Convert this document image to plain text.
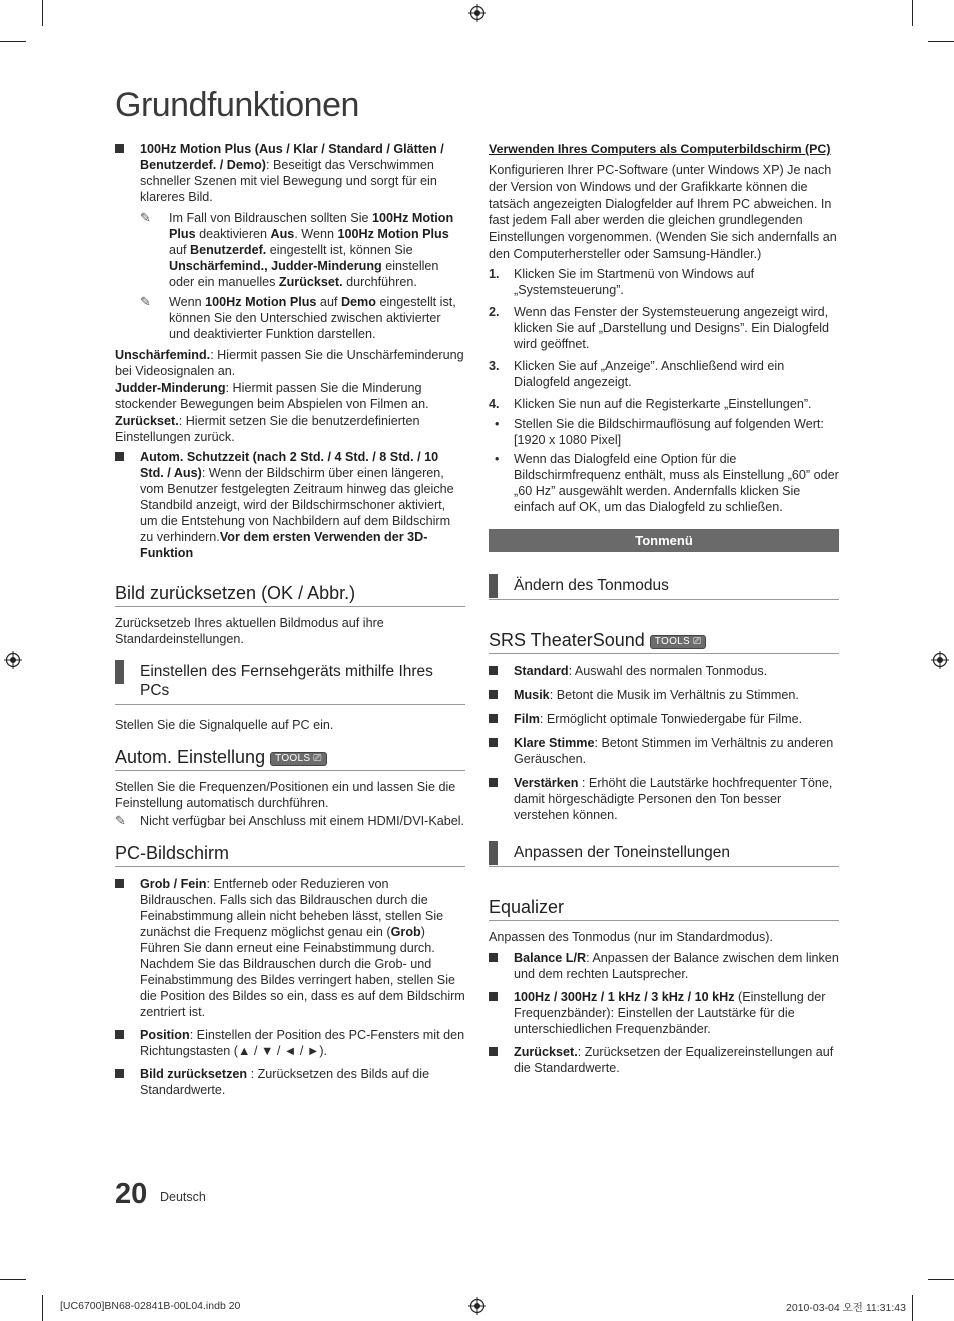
Grundfunktionen
100Hz Motion Plus (Aus / Klar / Standard / Glätten / Benutzerdef. / Demo): Beseitigt das Verschwimmen schneller Szenen mit viel Bewegung und sorgt für ein klareres Bild.
✎ Im Fall von Bildrauschen sollten Sie 100Hz Motion Plus deaktivieren Aus. Wenn 100Hz Motion Plus auf Benutzerdef. eingestellt ist, können Sie Unschärfemind., Judder-Minderung einstellen oder ein manuelles Zurückset. durchführen.
✎ Wenn 100Hz Motion Plus auf Demo eingestellt ist, können Sie den Unterschied zwischen aktivierter und deaktivierter Funktion darstellen.

Unschärfemind.: Hiermit passen Sie die Unschärfeminderung bei Videosignalen an.

Judder-Minderung: Hiermit passen Sie die Minderung stockender Bewegungen beim Abspielen von Filmen an.

Zurückset.: Hiermit setzen Sie die benutzerdefinierten Einstellungen zurück.

Autom. Schutzzeit (nach 2 Std. / 4 Std. / 8 Std. / 10 Std. / Aus): Wenn der Bildschirm über einen längeren, vom Benutzer festgelegten Zeitraum hinweg das gleiche Standbild anzeigt, wird der Bildschirmschoner aktiviert, um die Entstehung von Nachbildern auf dem Bildschirm zu verhindern.Vor dem ersten Verwenden der 3D-Funktion
Bild zurücksetzen (OK / Abbr.)

Zurücksetzeb Ihres aktuellen Bildmodus auf ihre Standardeinstellungen.

Einstellen des Fernsehgeräts mithilfe Ihres PCs

Stellen Sie die Signalquelle auf PC ein.

Autom. Einstellung TOOLS ⎚

Stellen Sie die Frequenzen/Positionen ein und lassen Sie die Feinstellung automatisch durchführen.

✎ Nicht verfügbar bei Anschluss mit einem HDMI/DVI-Kabel.
PC-Bildschirm
Grob / Fein: Entferneb oder Reduzieren von Bildrauschen. Falls sich das Bildrauschen durch die Feinabstimmung allein nicht beheben lässt, stellen Sie zunächst die Frequenz möglichst genau ein (Grob) Führen Sie dann erneut eine Feinabstimmung durch. Nachdem Sie das Bildrauschen durch die Grob- und Feinabstimmung des Bildes verringert haben, stellen Sie die Position des Bildes so ein, dass es auf dem Bildschirm zentriert ist.
Position: Einstellen der Position des PC-Fensters mit den Richtungstasten (▲ / ▼ / ◄ / ►).
Bild zurücksetzen : Zurücksetzen des Bilds auf die Standardwerte.

Verwenden Ihres Computers als Computerbildschirm (PC)

Konfigurieren Ihrer PC-Software (unter Windows XP) Je nach der Version von Windows und der Grafikkarte können die tatsäch angezeigten Dialogfelder auf Ihrem PC abweichen. In fast jedem Fall aber werden die gleichen grundlegenden Einstellungen vorgenommen. (Wenden Sie sich andernfalls an den Computerhersteller oder Samsung-Händler.)

1. Klicken Sie im Startmenü von Windows auf „Systemsteuerung”.
2. Wenn das Fenster der Systemsteuerung angezeigt wird, klicken Sie auf „Darstellung und Designs”. Ein Dialogfeld wird geöffnet.
3. Klicken Sie auf „Anzeige”. Anschließend wird ein Dialogfeld angezeigt.
4. Klicken Sie nun auf die Registerkarte „Einstellungen”.
• Stellen Sie die Bildschirmauflösung auf folgenden Wert: [1920 x 1080 Pixel]
• Wenn das Dialogfeld eine Option für die Bildschirmfrequenz enthält, muss als Einstellung „60” oder „60 Hz” ausgewählt werden. Andernfalls klicken Sie einfach auf OK, um das Dialogfeld zu schließen.
Tonmenü
Ändern des Tonmodus
SRS TheaterSound TOOLS ⎚
Standard: Auswahl des normalen Tonmodus.
Musik: Betont die Musik im Verhältnis zu Stimmen.
Film: Ermöglicht optimale Tonwiedergabe für Filme.
Klare Stimme: Betont Stimmen im Verhältnis zu anderen Geräuschen.
Verstärken : Erhöht die Lautstärke hochfrequenter Töne, damit hörgeschädigte Personen den Ton besser verstehen können.
Anpassen der Toneinstellungen
Equalizer

Anpassen des Tonmodus (nur im Standardmodus).

Balance L/R: Anpassen der Balance zwischen dem linken und dem rechten Lautsprecher.
100Hz / 300Hz / 1 kHz / 3 kHz / 10 kHz (Einstellung der Frequenzbänder): Einstellen der Lautstärke für die unterschiedlichen Frequenzbänder.
Zurückset.: Zurücksetzen der Equalizereinstellungen auf die Standardwerte.
20 Deutsch
[UC6700]BN68-02841B-00L04.indb 20	2010-03-04 오전 11:31:43
